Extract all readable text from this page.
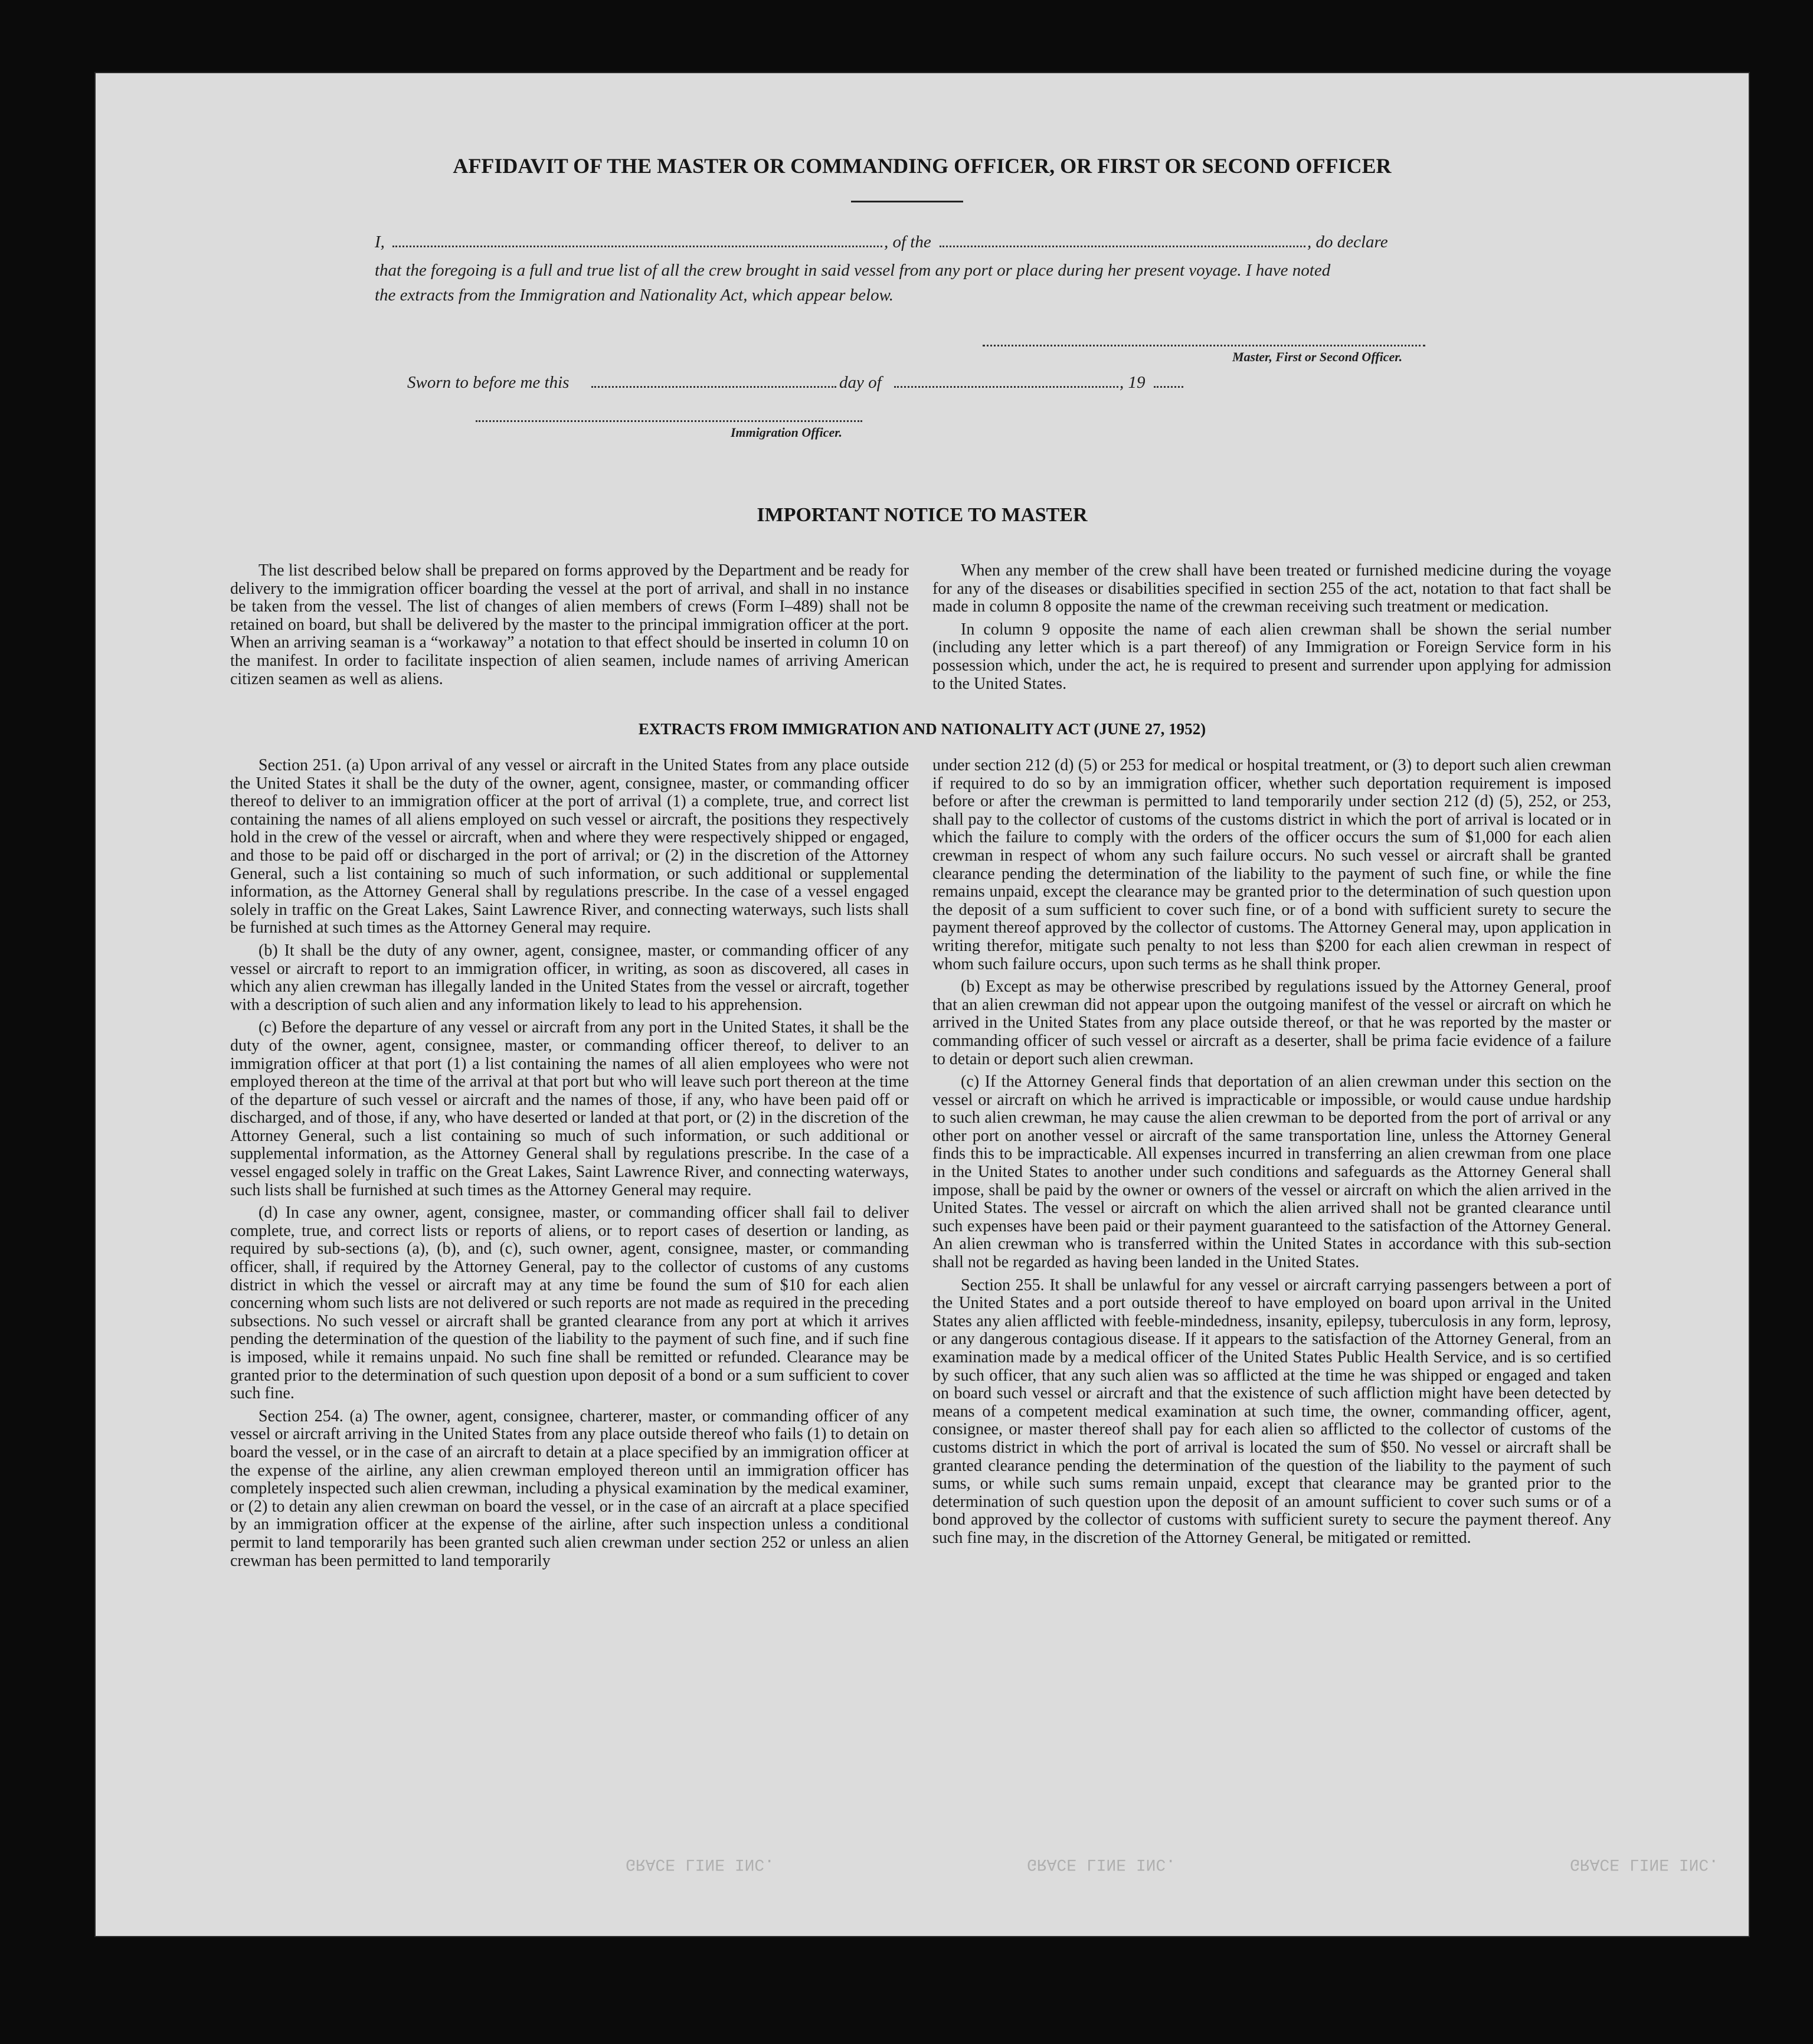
AFFIDAVIT OF THE MASTER OR COMMANDING OFFICER, OR FIRST OR SECOND OFFICER
I,	, of the	, do declare
that the foregoing is a full and true list of all the crew brought in said vessel from any port or place during her present voyage. I have noted
the extracts from the Immigration and Nationality Act, which appear below.
Master, First or Second Officer.
Sworn to before me this	day of	, 19
Immigration Officer.
IMPORTANT NOTICE TO MASTER

The list described below shall be prepared on forms approved by the Department and be ready for delivery to the immigration officer boarding the vessel at the port of arrival, and shall in no instance be taken from the vessel. The list of changes of alien members of crews (Form I–489) shall not be retained on board, but shall be delivered by the master to the principal immigration officer at the port. When an arriving seaman is a “workaway” a notation to that effect should be inserted in column 10 on the manifest. In order to facilitate inspection of alien seamen, include names of arriving American citizen seamen as well as aliens.

When any member of the crew shall have been treated or furnished medicine during the voyage for any of the diseases or disabilities specified in section 255 of the act, notation to that fact shall be made in column 8 opposite the name of the crewman receiving such treatment or medication.

In column 9 opposite the name of each alien crewman shall be shown the serial number (including any letter which is a part thereof) of any Immigration or Foreign Service form in his possession which, under the act, he is required to present and surrender upon applying for admission to the United States.

EXTRACTS FROM IMMIGRATION AND NATIONALITY ACT (JUNE 27, 1952)

Section 251. (a) Upon arrival of any vessel or aircraft in the United States from any place outside the United States it shall be the duty of the owner, agent, consignee, master, or commanding officer thereof to deliver to an immigration officer at the port of arrival (1) a complete, true, and correct list containing the names of all aliens employed on such vessel or aircraft, the positions they respectively hold in the crew of the vessel or aircraft, when and where they were respectively shipped or engaged, and those to be paid off or discharged in the port of arrival; or (2) in the discretion of the Attorney General, such a list containing so much of such information, or such additional or supplemental information, as the Attorney General shall by regulations prescribe. In the case of a vessel engaged solely in traffic on the Great Lakes, Saint Lawrence River, and connecting waterways, such lists shall be furnished at such times as the Attorney General may require.

(b) It shall be the duty of any owner, agent, consignee, master, or commanding officer of any vessel or aircraft to report to an immigration officer, in writing, as soon as discovered, all cases in which any alien crewman has illegally landed in the United States from the vessel or aircraft, together with a description of such alien and any information likely to lead to his apprehension.

(c) Before the departure of any vessel or aircraft from any port in the United States, it shall be the duty of the owner, agent, consignee, master, or commanding officer thereof, to deliver to an immigration officer at that port (1) a list containing the names of all alien employees who were not employed thereon at the time of the arrival at that port but who will leave such port thereon at the time of the departure of such vessel or aircraft and the names of those, if any, who have been paid off or discharged, and of those, if any, who have deserted or landed at that port, or (2) in the discretion of the Attorney General, such a list containing so much of such information, or such additional or supplemental information, as the Attorney General shall by regulations prescribe. In the case of a vessel engaged solely in traffic on the Great Lakes, Saint Lawrence River, and connecting waterways, such lists shall be furnished at such times as the Attorney General may require.

(d) In case any owner, agent, consignee, master, or commanding officer shall fail to deliver complete, true, and correct lists or reports of aliens, or to report cases of desertion or landing, as required by sub-sections (a), (b), and (c), such owner, agent, consignee, master, or commanding officer, shall, if required by the Attorney General, pay to the collector of customs of any customs district in which the vessel or aircraft may at any time be found the sum of $10 for each alien concerning whom such lists are not delivered or such reports are not made as required in the preceding subsections. No such vessel or aircraft shall be granted clearance from any port at which it arrives pending the determination of the question of the liability to the payment of such fine, and if such fine is imposed, while it remains unpaid. No such fine shall be remitted or refunded. Clearance may be granted prior to the determination of such question upon deposit of a bond or a sum sufficient to cover such fine.

Section 254. (a) The owner, agent, consignee, charterer, master, or commanding officer of any vessel or aircraft arriving in the United States from any place outside thereof who fails (1) to detain on board the vessel, or in the case of an aircraft to detain at a place specified by an immigration officer at the expense of the airline, any alien crewman employed thereon until an immigration officer has completely inspected such alien crewman, including a physical examination by the medical examiner, or (2) to detain any alien crewman on board the vessel, or in the case of an aircraft at a place specified by an immigration officer at the expense of the airline, after such inspection unless a conditional permit to land temporarily has been granted such alien crewman under section 252 or unless an alien crewman has been permitted to land temporarily

under section 212 (d) (5) or 253 for medical or hospital treatment, or (3) to deport such alien crewman if required to do so by an immigration officer, whether such deportation requirement is imposed before or after the crewman is permitted to land temporarily under section 212 (d) (5), 252, or 253, shall pay to the collector of customs of the customs district in which the port of arrival is located or in which the failure to comply with the orders of the officer occurs the sum of $1,000 for each alien crewman in respect of whom any such failure occurs. No such vessel or aircraft shall be granted clearance pending the determination of the liability to the payment of such fine, or while the fine remains unpaid, except the clearance may be granted prior to the determination of such question upon the deposit of a sum sufficient to cover such fine, or of a bond with sufficient surety to secure the payment thereof approved by the collector of customs. The Attorney General may, upon application in writing therefor, mitigate such penalty to not less than $200 for each alien crewman in respect of whom such failure occurs, upon such terms as he shall think proper.

(b) Except as may be otherwise prescribed by regulations issued by the Attorney General, proof that an alien crewman did not appear upon the outgoing manifest of the vessel or aircraft on which he arrived in the United States from any place outside thereof, or that he was reported by the master or commanding officer of such vessel or aircraft as a deserter, shall be prima facie evidence of a failure to detain or deport such alien crewman.

(c) If the Attorney General finds that deportation of an alien crewman under this section on the vessel or aircraft on which he arrived is impracticable or impossible, or would cause undue hardship to such alien crewman, he may cause the alien crewman to be deported from the port of arrival or any other port on another vessel or aircraft of the same transportation line, unless the Attorney General finds this to be impracticable. All expenses incurred in transferring an alien crewman from one place in the United States to another under such conditions and safeguards as the Attorney General shall impose, shall be paid by the owner or owners of the vessel or aircraft on which the alien arrived in the United States. The vessel or aircraft on which the alien arrived shall not be granted clearance until such expenses have been paid or their payment guaranteed to the satisfaction of the Attorney General. An alien crewman who is transferred within the United States in accordance with this sub-section shall not be regarded as having been landed in the United States.

Section 255. It shall be unlawful for any vessel or aircraft carrying passengers between a port of the United States and a port outside thereof to have employed on board upon arrival in the United States any alien afflicted with feeble-mindedness, insanity, epilepsy, tuberculosis in any form, leprosy, or any dangerous contagious disease. If it appears to the satisfaction of the Attorney General, from an examination made by a medical officer of the United States Public Health Service, and is so certified by such officer, that any such alien was so afflicted at the time he was shipped or engaged and taken on board such vessel or aircraft and that the existence of such affliction might have been detected by means of a competent medical examination at such time, the owner, commanding officer, agent, consignee, or master thereof shall pay for each alien so afflicted to the collector of customs of the customs district in which the port of arrival is located the sum of $50. No vessel or aircraft shall be granted clearance pending the determination of the question of the liability to the payment of such sums, or while such sums remain unpaid, except that clearance may be granted prior to the determination of such question upon the deposit of an amount sufficient to cover such sums or of a bond approved by the collector of customs with sufficient surety to secure the payment thereof. Any such fine may, in the discretion of the Attorney General, be mitigated or remitted.

GRACE LINE INC.	GRACE LINE INC.	GRACE LINE INC.
